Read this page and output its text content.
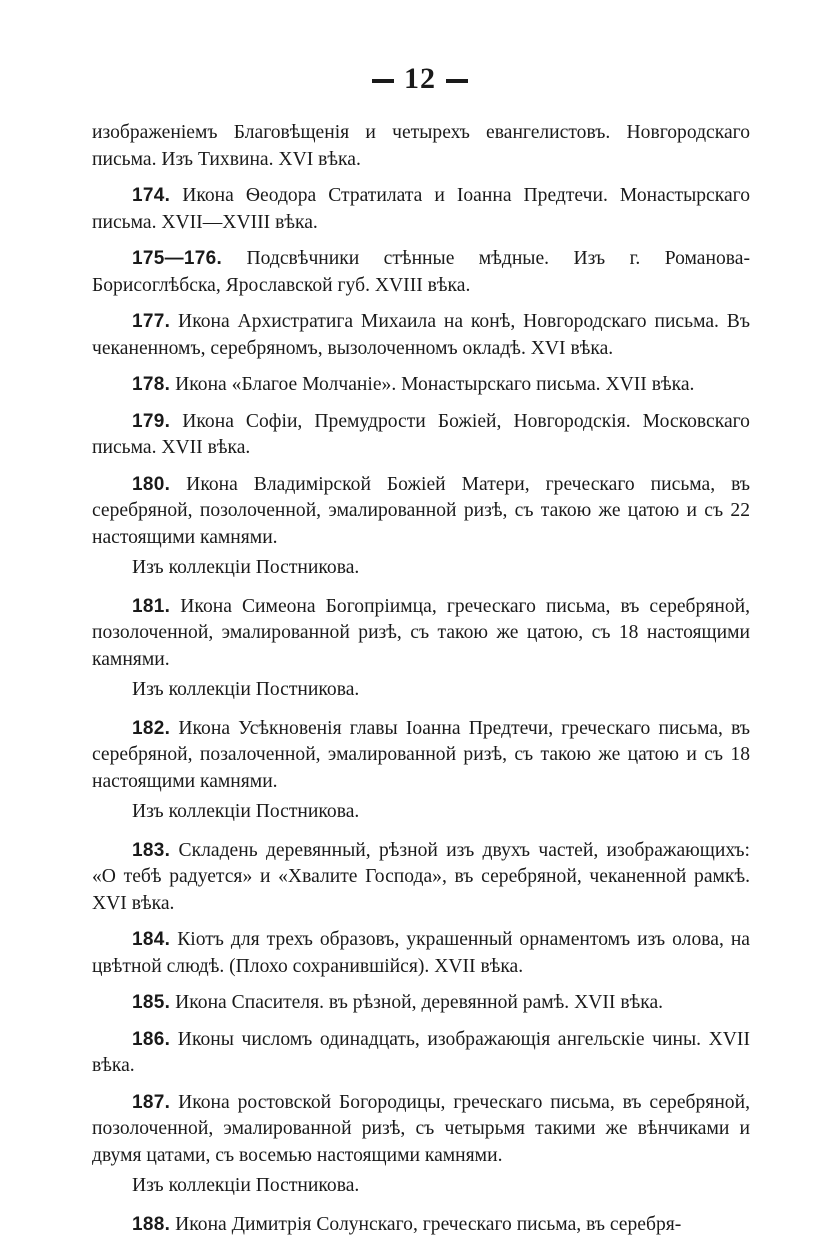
12

изображеніемъ Благовѣщенія и четырехъ евангелистовъ. Новгородскаго письма. Изъ Тихвина. XVI вѣка.

174. Икона Ѳеодора Стратилата и Іоанна Предтечи. Монастырскаго письма. XVII—XVIII вѣка.

175—176. Подсвѣчники стѣнные мѣдные. Изъ г. Романова-Борисоглѣбска, Ярославской губ. XVIII вѣка.

177. Икона Архистратига Михаила на конѣ, Новгородскаго письма. Въ чеканенномъ, серебряномъ, вызолоченномъ окладѣ. XVI вѣка.

178. Икона «Благое Молчаніе». Монастырскаго письма. XVII вѣка.

179. Икона Софіи, Премудрости Божіей, Новгородскія. Московскаго письма. XVII вѣка.

180. Икона Владимірской Божіей Матери, греческаго письма, въ серебряной, позолоченной, эмалированной ризѣ, съ такою же цатою и съ 22 настоящими камнями.

Изъ коллекціи Постникова.

181. Икона Симеона Богопріимца, греческаго письма, въ серебряной, позолоченной, эмалированной ризѣ, съ такою же цатою, съ 18 настоящими камнями.

Изъ коллекціи Постникова.

182. Икона Усѣкновенія главы Іоанна Предтечи, греческаго письма, въ серебряной, позалоченной, эмалированной ризѣ, съ такою же цатою и съ 18 настоящими камнями.

Изъ коллекціи Постникова.

183. Складень деревянный, рѣзной изъ двухъ частей, изображающихъ: «О тебѣ радуется» и «Хвалите Господа», въ серебряной, чеканенной рамкѣ. XVI вѣка.

184. Кіотъ для трехъ образовъ, украшенный орнаментомъ изъ олова, на цвѣтной слюдѣ. (Плохо сохранившійся). XVII вѣка.

185. Икона Спасителя. въ рѣзной, деревянной рамѣ. XVII вѣка.

186. Иконы числомъ одинадцать, изображающія ангельскіе чины. XVII вѣка.

187. Икона ростовской Богородицы, греческаго письма, въ серебряной, позолоченной, эмалированной ризѣ, съ четырьмя такими же вѣнчиками и двумя цатами, съ восемью настоящими камнями.

Изъ коллекціи Постникова.

188. Икона Димитрія Солунскаго, греческаго письма, въ серебря-
